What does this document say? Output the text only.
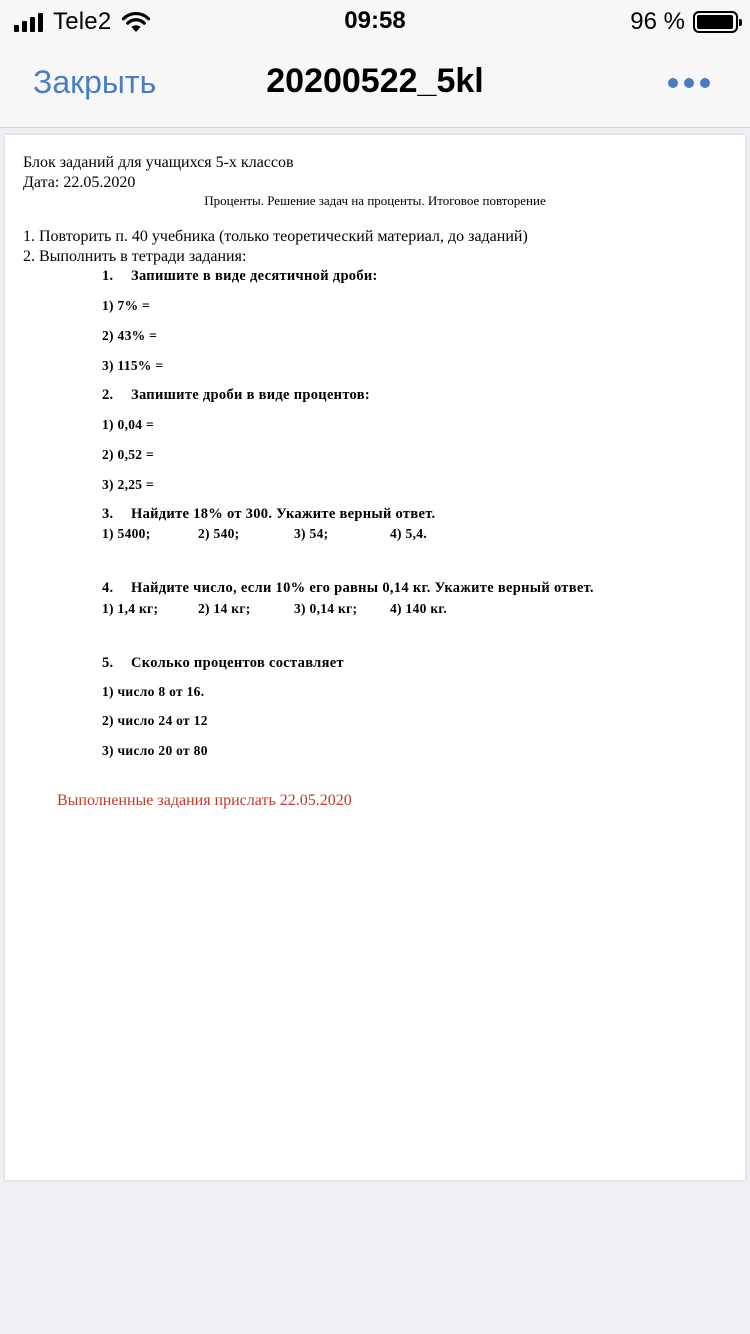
Tele2	09:58	96 %
Закрыть	20200522_5kl
Блок заданий для учащихся 5-х классов
Дата: 22.05.2020
Проценты. Решение задач на проценты. Итоговое повторение
1. Повторить п. 40 учебника (только теоретический материал, до заданий)
2. Выполнить в тетради задания:
1. Запишите в виде десятичной дроби:
1) 7% =
2) 43% =
3) 115% =
2. Запишите дроби в виде процентов:
1) 0,04 =
2) 0,52 =
3) 2,25 =
3. Найдите 18% от 300. Укажите верный ответ.
1) 5400;	2) 540;	3) 54;	4) 5,4.
4. Найдите число, если 10% его равны 0,14 кг. Укажите верный ответ.
1) 1,4 кг;	2) 14 кг;	3) 0,14 кг; 4) 140 кг.
5. Сколько процентов составляет
1) число 8 от 16.
2) число 24 от 12
3) число 20 от 80
Выполненные задания прислать 22.05.2020
